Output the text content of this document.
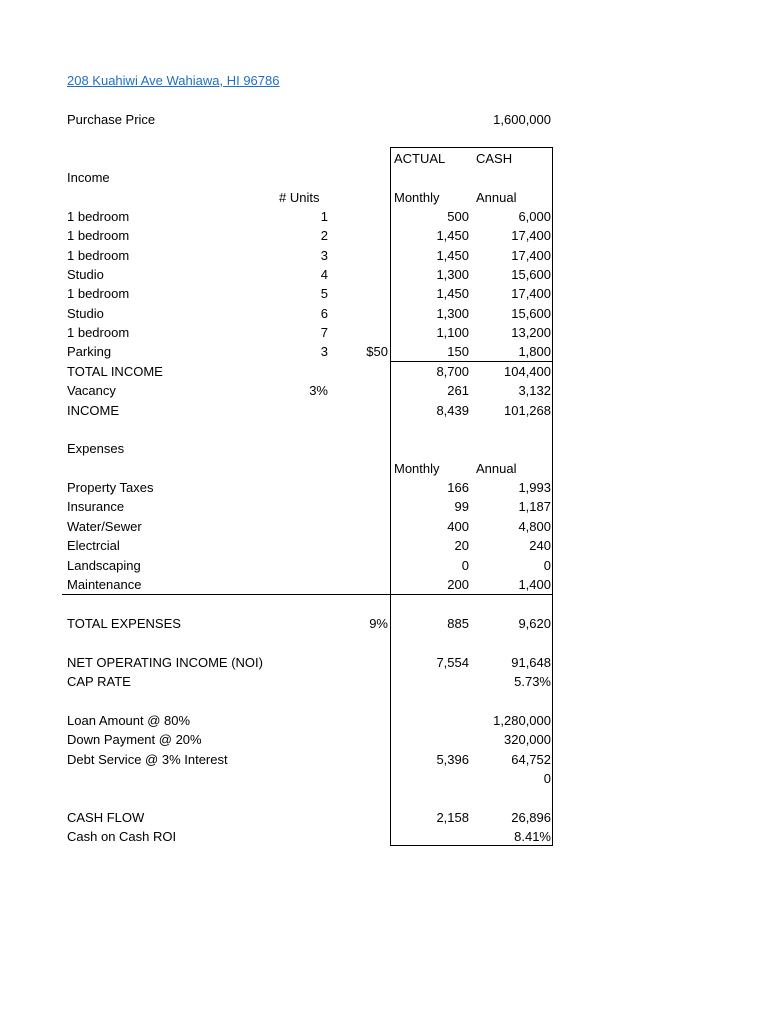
208 Kuahiwi Ave Wahiawa, HI 96786
Purchase Price	1,600,000
ACTUAL CASH
Income
# Units	Monthly	Annual
1 bedroom	1	500	6,000
1 bedroom	2	1,450	17,400
1 bedroom	3	1,450	17,400
Studio	4	1,300	15,600
1 bedroom	5	1,450	17,400
Studio	6	1,300	15,600
1 bedroom	7	1,100	13,200
Parking	3	$50	150	1,800
TOTAL INCOME	8,700	104,400
Vacancy	3%	261	3,132
INCOME	8,439	101,268
Expenses
Monthly	Annual
Property Taxes	166	1,993
Insurance	99	1,187
Water/Sewer	400	4,800
Electrcial	20	240
Landscaping	0	0
Maintenance	200	1,400
TOTAL EXPENSES	9%	885	9,620
NET OPERATING INCOME (NOI)	7,554	91,648
CAP RATE	5.73%
Loan Amount @ 80%	1,280,000
Down Payment @ 20%	320,000
Debt Service @ 3% Interest	5,396	64,752
0
CASH FLOW	2,158	26,896
Cash on Cash ROI	8.41%
